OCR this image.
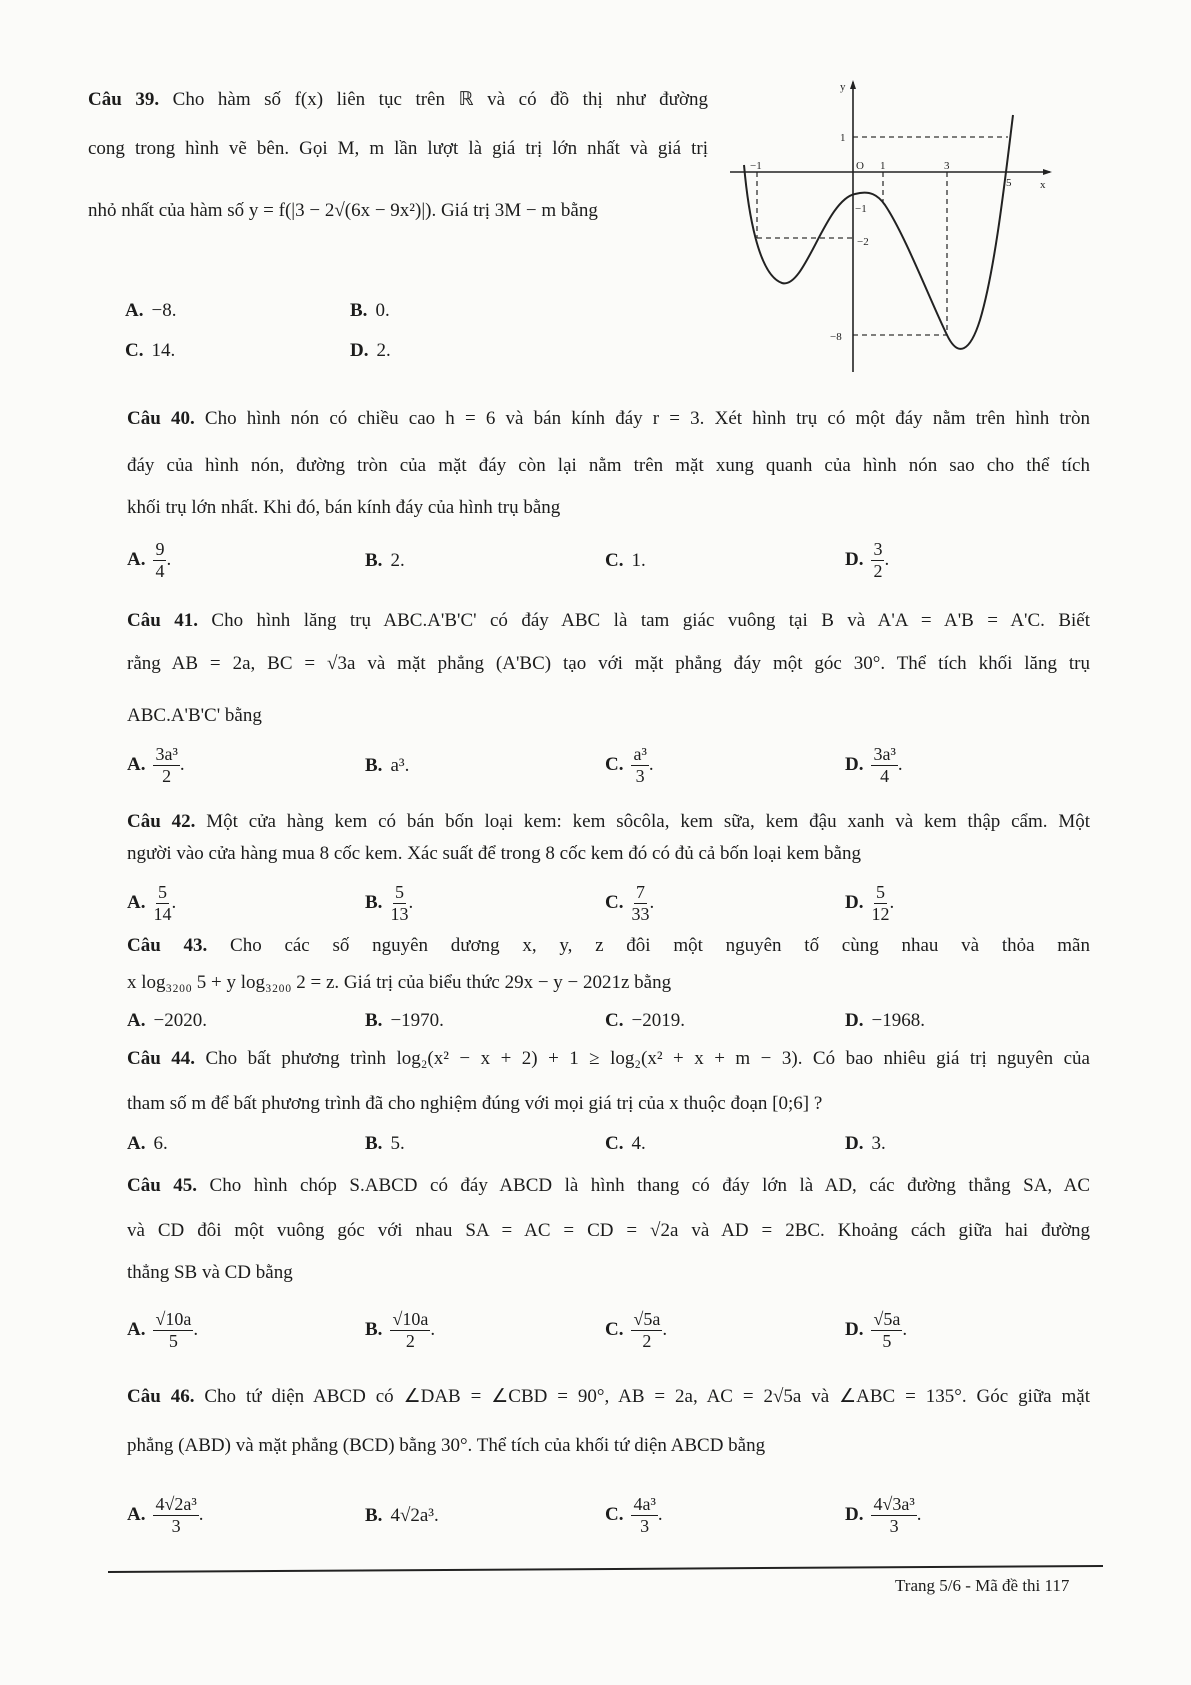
Câu 39. Cho hàm số f(x) liên tục trên ℝ và có đồ thị như đường
cong trong hình vẽ bên. Gọi M, m lần lượt là giá trị lớn nhất và giá trị
nhỏ nhất của hàm số y = f(|3 − 2√(6x − 9x²)|). Giá trị 3M − m bằng
A. −8.	B. 0.
C. 14.	D. 2.
Câu 40. Cho hình nón có chiều cao h = 6 và bán kính đáy r = 3. Xét hình trụ có một đáy nằm trên hình tròn
đáy của hình nón, đường tròn của mặt đáy còn lại nằm trên mặt xung quanh của hình nón sao cho thể tích
khối trụ lớn nhất. Khi đó, bán kính đáy của hình trụ bằng
A. $\frac{9}{4}$ .	B. 2.	C. 1.	D. $\frac{3}{2}$ .
Câu 41. Cho hình lăng trụ ABC.A'B'C' có đáy ABC là tam giác vuông tại B và A'A = A'B = A'C. Biết
rằng AB = 2a, BC = √3a và mặt phẳng (A'BC) tạo với mặt phẳng đáy một góc 30°. Thể tích khối lăng trụ
ABC.A'B'C' bằng
A. $\frac{\text{3a³}}{2}$ .	B. a³.	C. $\frac{\text{a³}}{3}$ .	D. $\frac{\text{3a³}}{4}$ .
Câu 42. Một cửa hàng kem có bán bốn loại kem: kem sôcôla, kem sữa, kem đậu xanh và kem thập cẩm. Một
người vào cửa hàng mua 8 cốc kem. Xác suất để trong 8 cốc kem đó có đủ cả bốn loại kem bằng
A. $\frac{5}{14}$ .	B. $\frac{5}{13}$ .	C. $\frac{7}{33}$ .	D. $\frac{5}{12}$ .
Câu 43. Cho các số nguyên dương x, y, z đôi một nguyên tố cùng nhau và thỏa mãn
x log₃₂₀₀ 5 + y log₃₂₀₀ 2 = z. Giá trị của biểu thức 29x − y − 2021z bằng
A. −2020.	B. −1970.	C. −2019.	D. −1968.
Câu 44. Cho bất phương trình log₂(x² − x + 2) + 1 ≥ log₂(x² + x + m − 3). Có bao nhiêu giá trị nguyên của
tham số m để bất phương trình đã cho nghiệm đúng với mọi giá trị của x thuộc đoạn [0;6] ?
A. 6.	B. 5.	C. 4.	D. 3.
Câu 45. Cho hình chóp S.ABCD có đáy ABCD là hình thang có đáy lớn là AD, các đường thẳng SA, AC
và CD đôi một vuông góc với nhau SA = AC = CD = √2a và AD = 2BC. Khoảng cách giữa hai đường
thẳng SB và CD bằng
A. $\frac{√10a}{5}$ .	B. $\frac{√10a}{2}$ .	C. $\frac{√5a}{2}$ .	D. $\frac{√5a}{5}$ .
Câu 46. Cho tứ diện ABCD có ∠DAB = ∠CBD = 90°, AB = 2a, AC = 2√5a và ∠ABC = 135°. Góc giữa mặt
phẳng (ABD) và mặt phẳng (BCD) bằng 30°. Thể tích của khối tứ diện ABCD bằng
A. $\frac{\text{4√2a³}}{3}$ .	B. 4√2a³.	C. $\frac{\text{4a³}}{3}$ .	D. $\frac{\text{4√3a³}}{3}$ .
y
x
O
1
−1
−2
−8
−1	1	3
5
Trang 5/6 - Mã đề thi 117
